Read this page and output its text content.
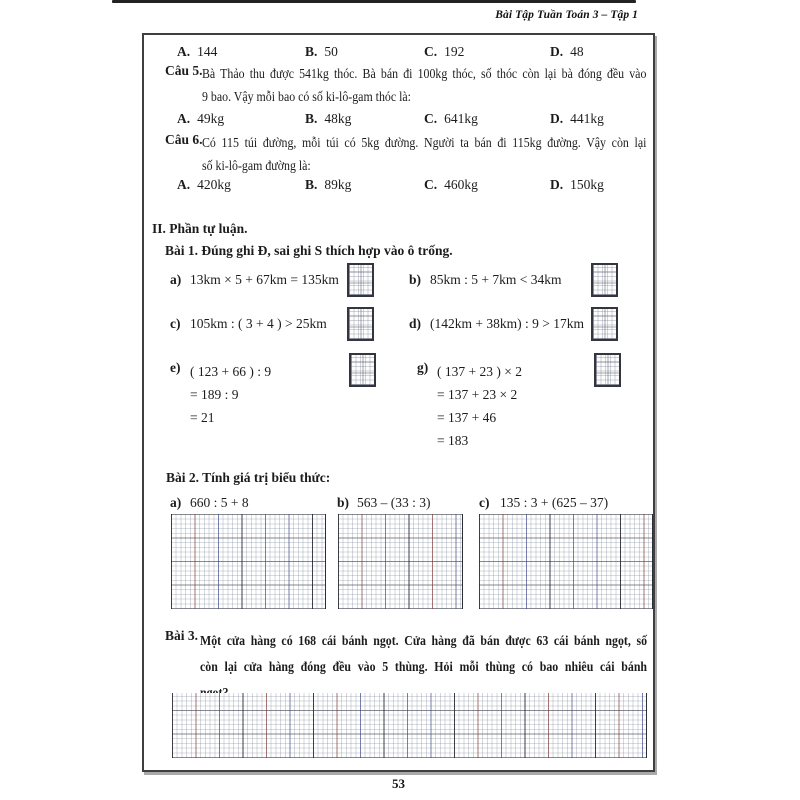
Bài Tập Tuần Toán 3 – Tập 1
A. 144	B. 50	C. 192	D. 48
Câu 5. Bà Thảo thu được 541kg thóc. Bà bán đi 100kg thóc, số thóc còn lại bà đóng đều vào
9 bao. Vậy mỗi bao có số ki-lô-gam thóc là:
A. 49kg	B. 48kg	C. 641kg	D. 441kg
Câu 6. Có 115 túi đường, mỗi túi có 5kg đường. Người ta bán đi 115kg đường. Vậy còn lại
số ki-lô-gam đường là:
A. 420kg	B. 89kg	C. 460kg	D. 150kg
II. Phần tự luận.
Bài 1. Đúng ghi Đ, sai ghi S thích hợp vào ô trống.
a) 13km × 5 + 67km = 135km	b) 85km : 5 + 7km < 34km
c) 105km : ( 3 + 4 ) > 25km	d) (142km + 38km) : 9 > 17km
e) ( 123 + 66 ) : 9
= 189 : 9
= 21
g) ( 137 + 23 ) × 2
= 137 + 23 × 2
= 137 + 46
= 183
Bài 2. Tính giá trị biểu thức:
a) 660 : 5 + 8	b) 563 – (33 : 3)	c) 135 : 3 + (625 – 37)
Bài 3. Một cửa hàng có 168 cái bánh ngọt. Cửa hàng đã bán được 63 cái bánh ngọt, số
còn lại cửa hàng đóng đều vào 5 thùng. Hỏi mỗi thùng có bao nhiêu cái bánh
53
